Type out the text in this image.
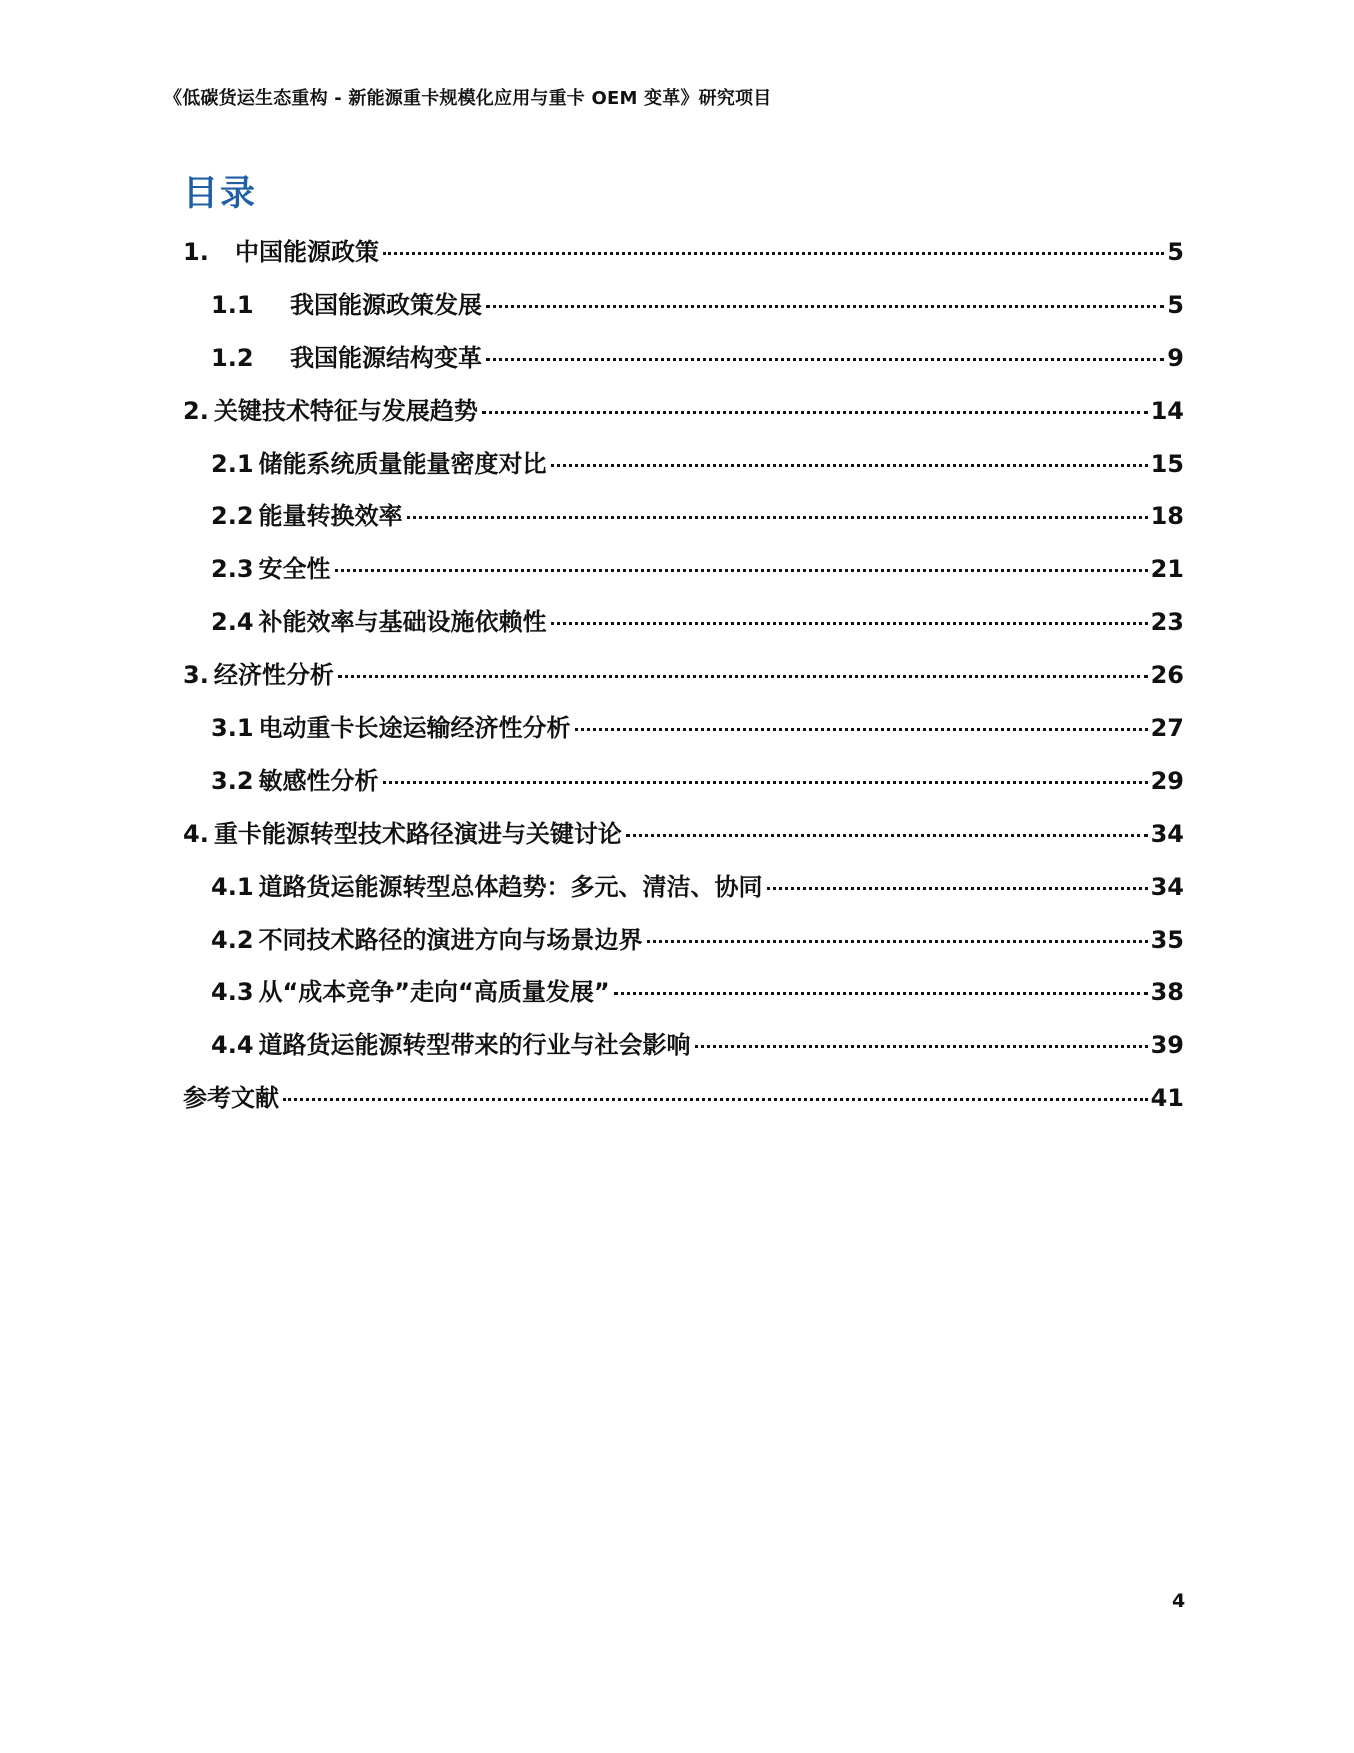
《低碳货运生态重构 - 新能源重卡规模化应用与重卡 OEM 变革》研究项目
目录
1.	中国能源政策	5
1.1	我国能源政策发展	5
1.2	我国能源结构变革	9
2. 关键技术特征与发展趋势	14
2.1 储能系统质量能量密度对比	15
2.2 能量转换效率	18
2.3 安全性	21
2.4 补能效率与基础设施依赖性	23
3. 经济性分析	26
3.1 电动重卡长途运输经济性分析	27
3.2 敏感性分析	29
4. 重卡能源转型技术路径演进与关键讨论	34
4.1 道路货运能源转型总体趋势：多元、清洁、协同	34
4.2 不同技术路径的演进方向与场景边界	35
4.3 从“成本竞争”走向“高质量发展”	38
4.4 道路货运能源转型带来的行业与社会影响	39
参考文献	41
4
